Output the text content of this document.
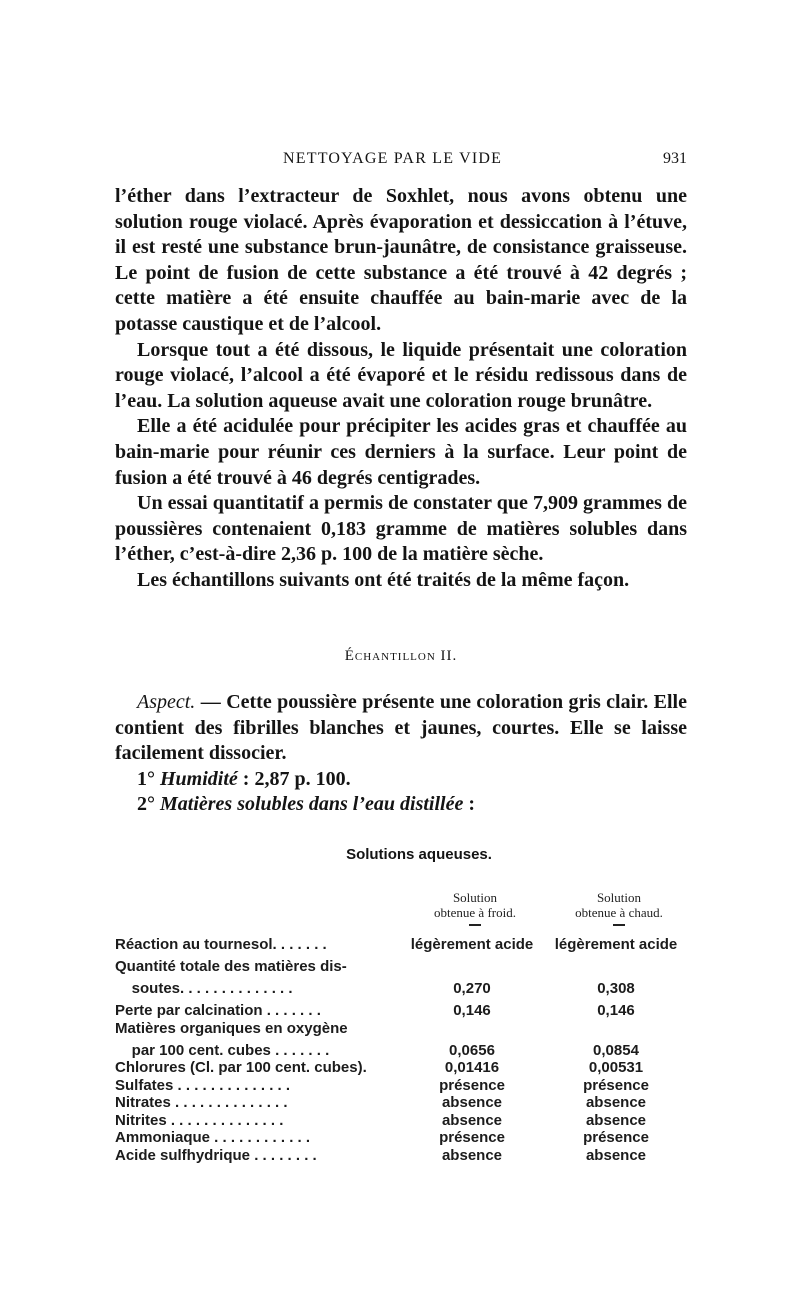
NETTOYAGE PAR LE VIDE	931

l’éther dans l’extracteur de Soxhlet, nous avons obtenu une solution rouge violacé. Après évaporation et dessiccation à l’étuve, il est resté une substance brun-jaunâtre, de consistance graisseuse. Le point de fusion de cette substance a été trouvé à 42 degrés ; cette matière a été ensuite chauffée au bain-marie avec de la potasse caustique et de l’alcool.

Lorsque tout a été dissous, le liquide présentait une coloration rouge violacé, l’alcool a été évaporé et le résidu redissous dans de l’eau. La solution aqueuse avait une coloration rouge brunâtre.

Elle a été acidulée pour précipiter les acides gras et chauffée au bain-marie pour réunir ces derniers à la surface. Leur point de fusion a été trouvé à 46 degrés centigrades.

Un essai quantitatif a permis de constater que 7,909 grammes de poussières contenaient 0,183 gramme de matières solubles dans l’éther, c’est-à-dire 2,36 p. 100 de la matière sèche.

Les échantillons suivants ont été traités de la même façon.

Échantillon II.

Aspect. — Cette poussière présente une coloration gris clair. Elle contient des fibrilles blanches et jaunes, courtes. Elle se laisse facilement dissocier.

1° Humidité : 2,87 p. 100.

2° Matières solubles dans l’eau distillée :

Solutions aqueuses.
Solution
obtenue à froid.
Solution
obtenue à chaud.
Réaction au tournesol. . . . . . .	légèrement acide	légèrement acide
Quantité totale des matières dis-
soutes. . . . . . . . . . . . . .	0,270	0,308
Perte par calcination . . . . . . .	0,146	0,146
Matières organiques en oxygène
par 100 cent. cubes . . . . . . .	0,0656	0,0854
Chlorures (Cl. par 100 cent. cubes).	0,01416	0,00531
Sulfates . . . . . . . . . . . . . .	présence	présence
Nitrates . . . . . . . . . . . . . .	absence	absence
Nitrites . . . . . . . . . . . . . .	absence	absence
Ammoniaque . . . . . . . . . . . .	présence	présence
Acide sulfhydrique . . . . . . . .	absence	absence
